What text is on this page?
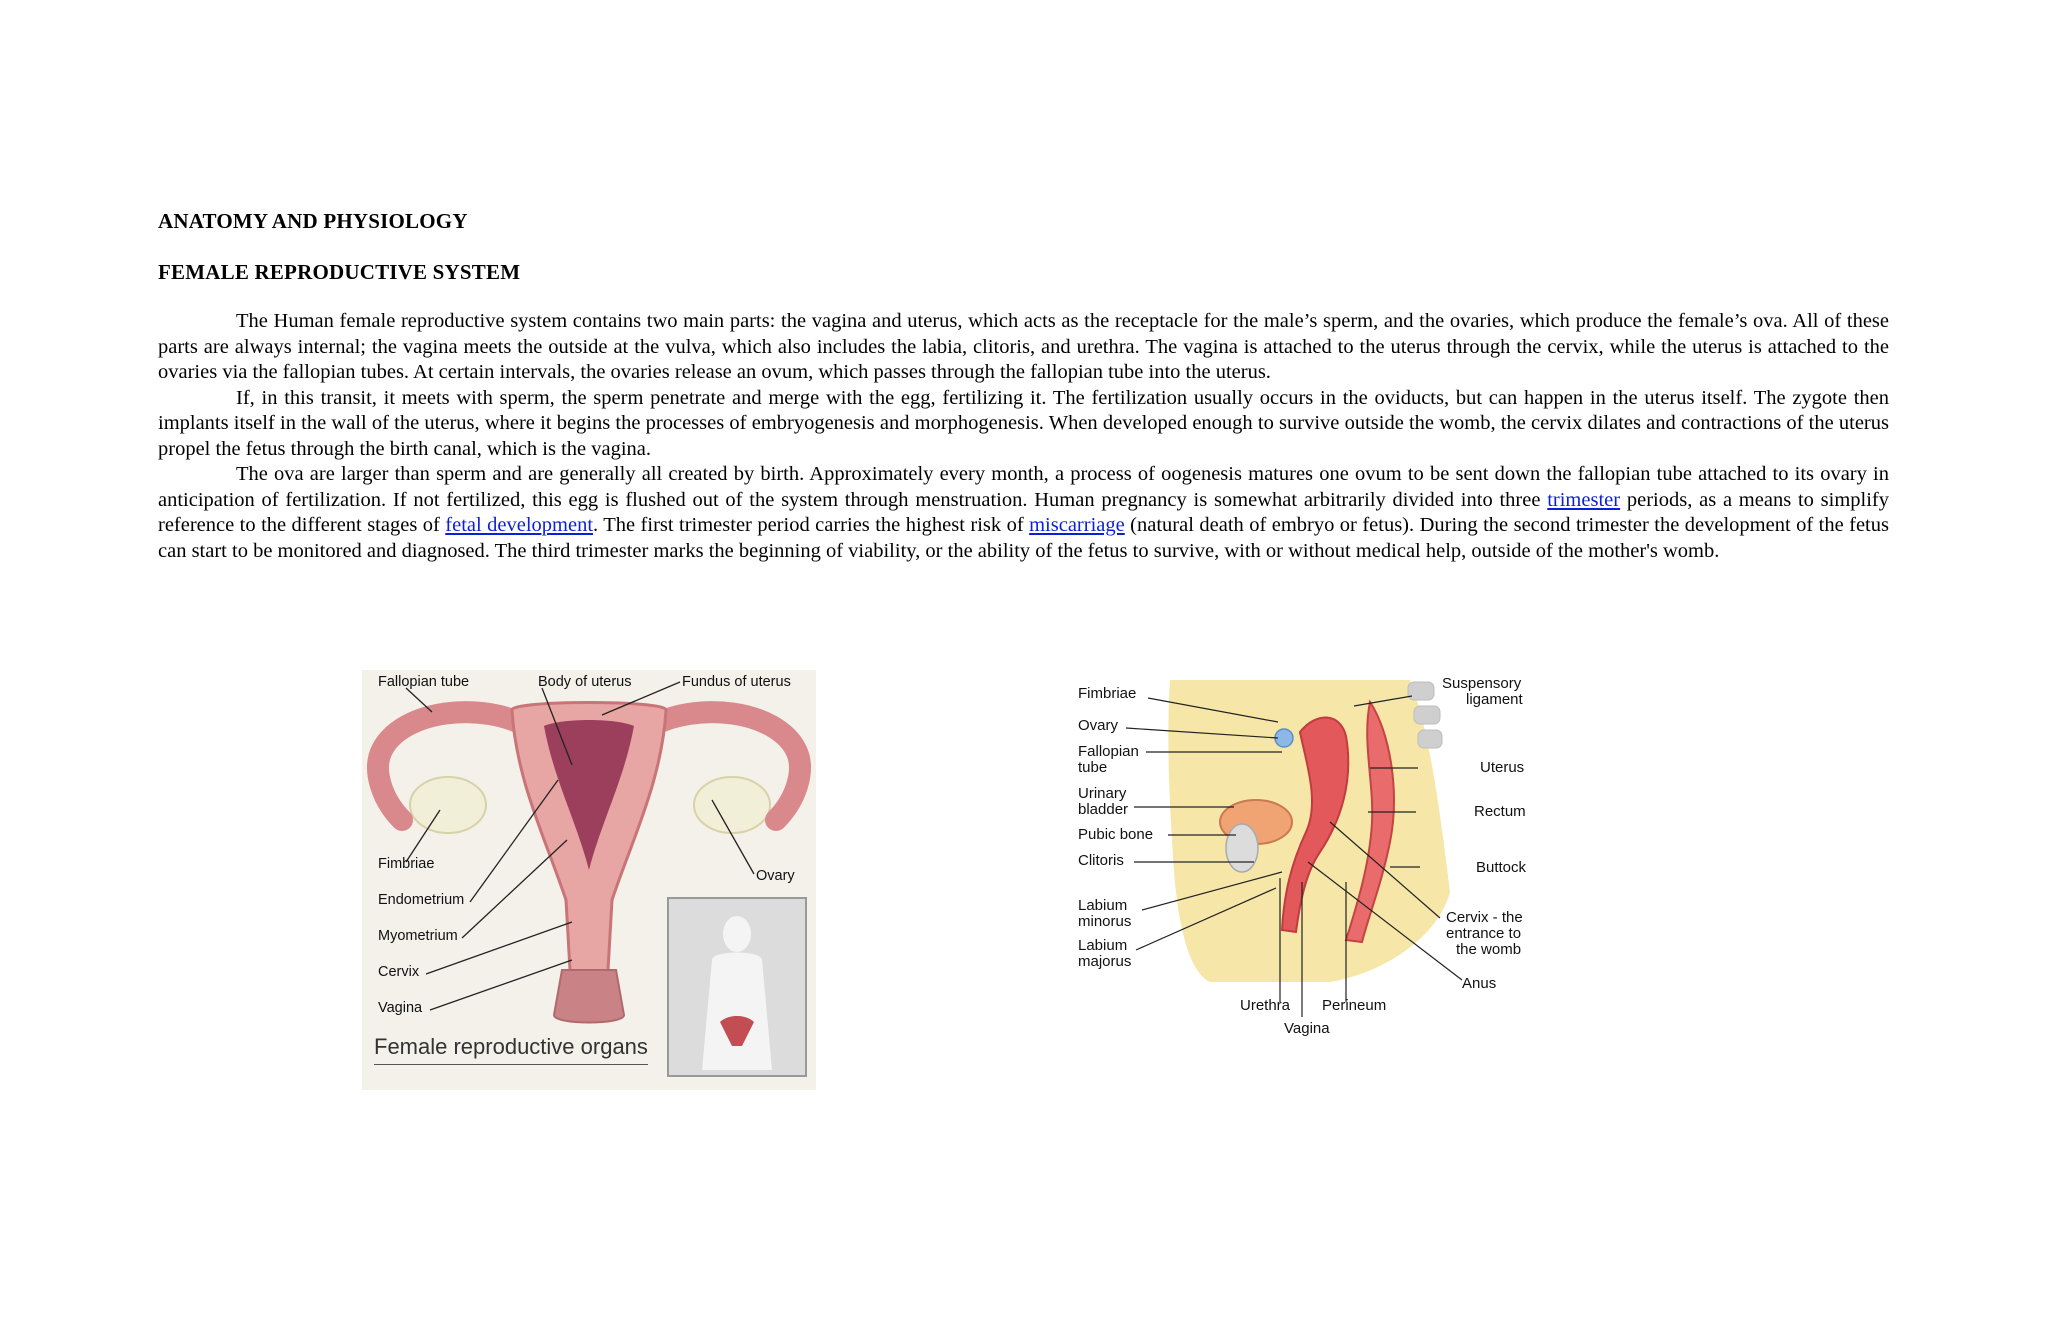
ANATOMY AND PHYSIOLOGY
FEMALE REPRODUCTIVE SYSTEM

The Human female reproductive system contains two main parts: the vagina and uterus, which acts as the receptacle for the male’s sperm, and the ovaries, which produce the female’s ova. All of these parts are always internal; the vagina meets the outside at the vulva, which also includes the labia, clitoris, and urethra. The vagina is attached to the uterus through the cervix, while the uterus is attached to the ovaries via the fallopian tubes. At certain intervals, the ovaries release an ovum, which passes through the fallopian tube into the uterus.

If, in this transit, it meets with sperm, the sperm penetrate and merge with the egg, fertilizing it. The fertilization usually occurs in the oviducts, but can happen in the uterus itself. The zygote then implants itself in the wall of the uterus, where it begins the processes of embryogenesis and morphogenesis. When developed enough to survive outside the womb, the cervix dilates and contractions of the uterus propel the fetus through the birth canal, which is the vagina.

The ova are larger than sperm and are generally all created by birth. Approximately every month, a process of oogenesis matures one ovum to be sent down the fallopian tube attached to its ovary in anticipation of fertilization. If not fertilized, this egg is flushed out of the system through menstruation. Human pregnancy is somewhat arbitrarily divided into three trimester periods, as a means to simplify reference to the different stages of fetal development. The first trimester period carries the highest risk of miscarriage (natural death of embryo or fetus). During the second trimester the development of the fetus can start to be monitored and diagnosed. The third trimester marks the beginning of viability, or the ability of the fetus to survive, with or without medical help, outside of the mother's womb.

Fallopian tube	Body of uterus	Fundus of uterus
Fimbriae
Ovary
Endometrium
Myometrium
Cervix
Vagina
Female reproductive organs
Fimbriae
Ovary
Fallopian
tube
Urinary
bladder
Pubic bone
Clitoris
Labium
minorus
Labium
majorus
Suspensory
ligament
Uterus
Rectum
Buttock
Cervix - the
entrance to
the womb
Anus
Urethra Perineum
Vagina
